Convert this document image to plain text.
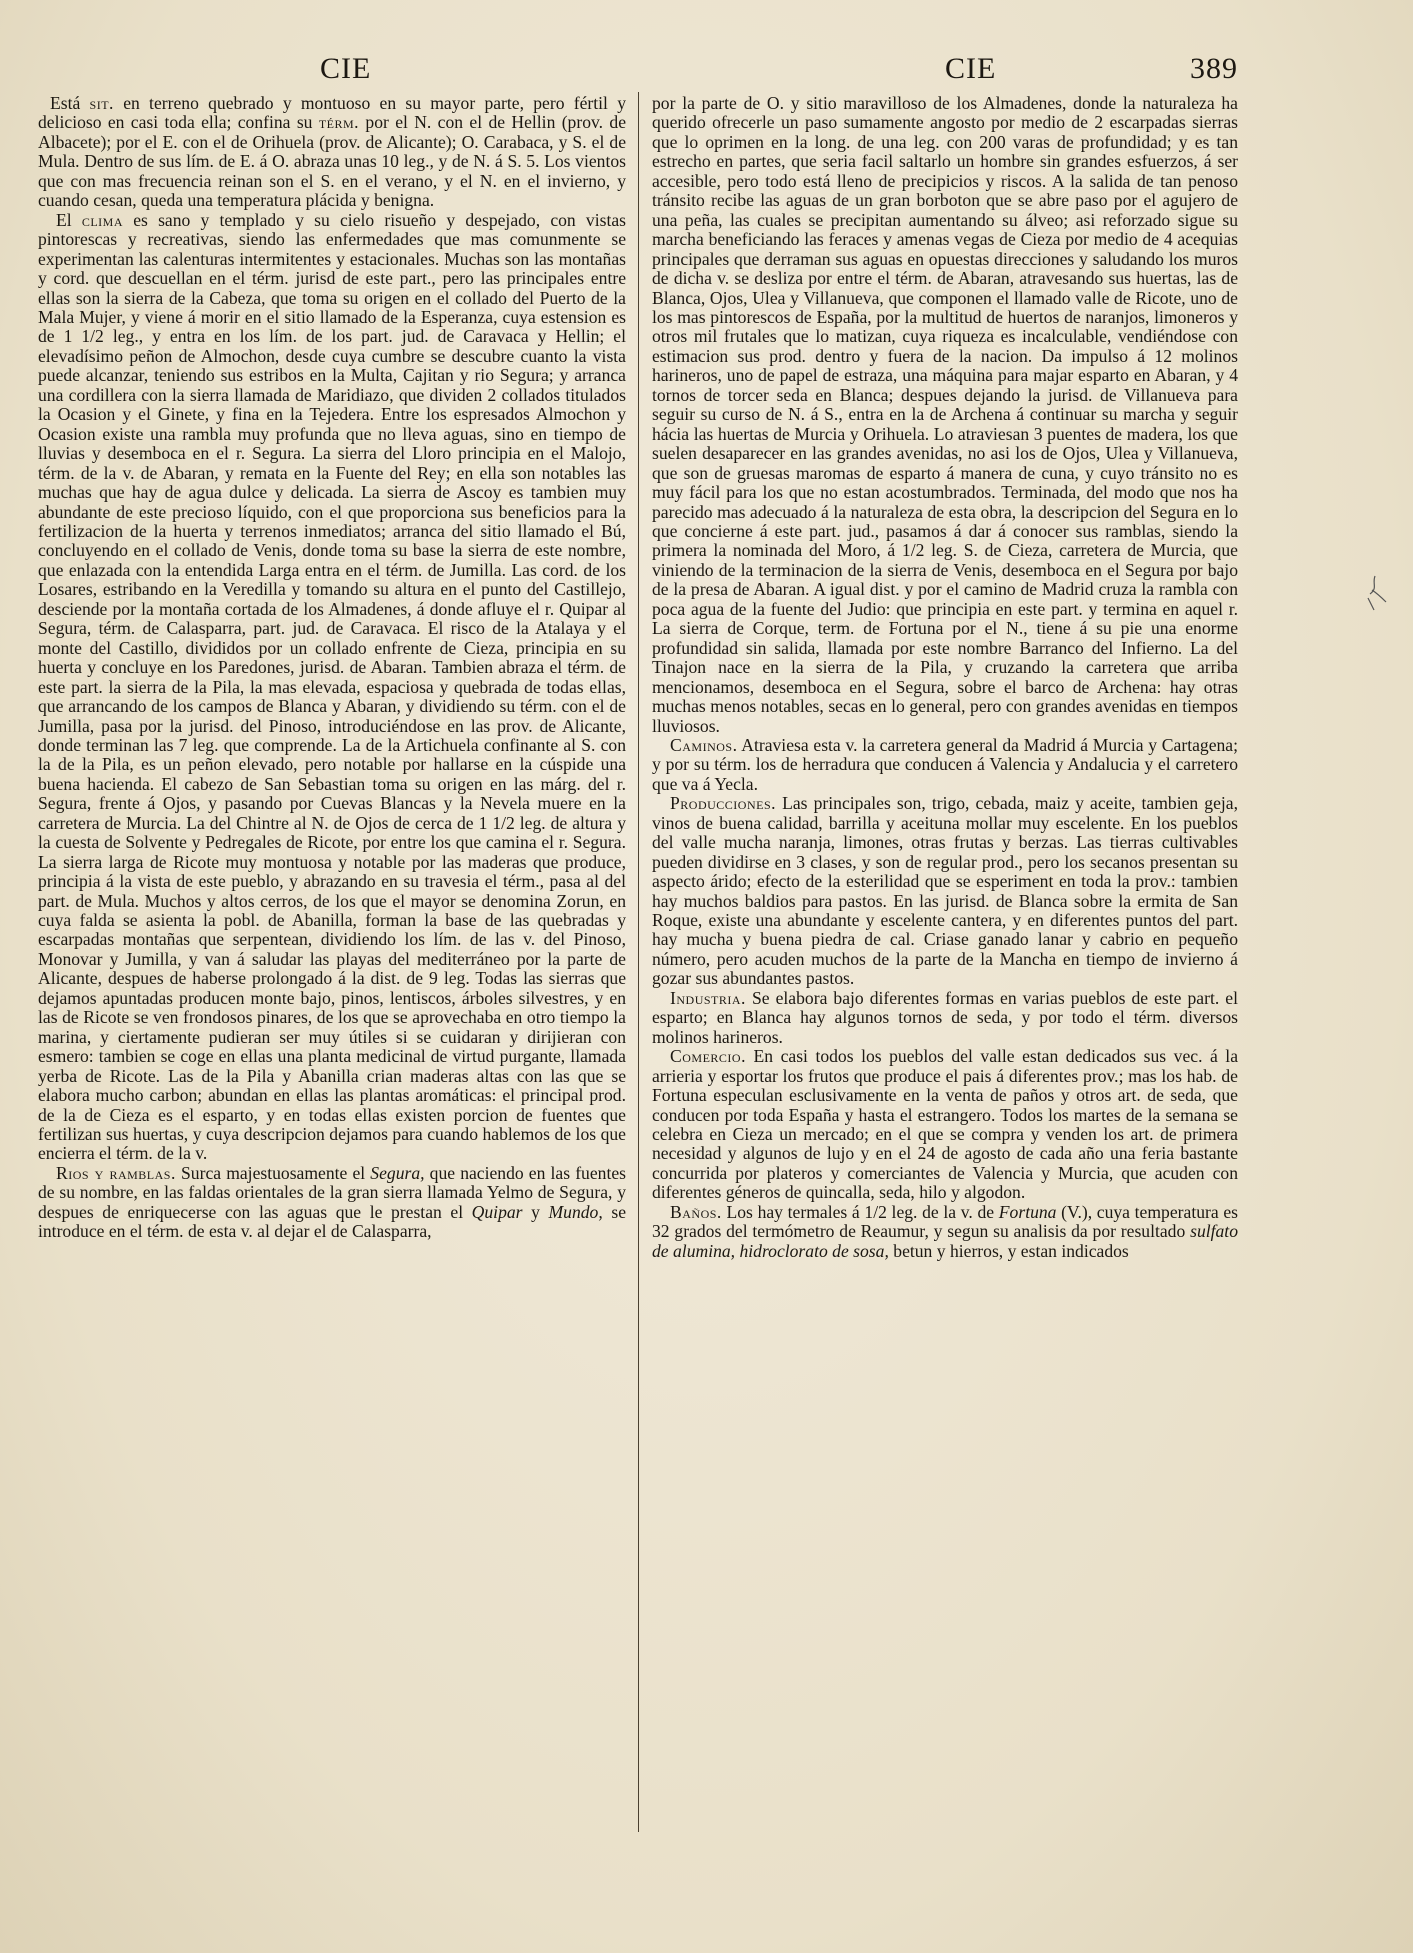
CIE	CIE	389

Está sit. en terreno quebrado y montuoso en su mayor parte, pero fértil y delicioso en casi toda ella; confina su térm. por el N. con el de Hellin (prov. de Albacete); por el E. con el de Orihuela (prov. de Alicante); O. Carabaca, y S. el de Mula. Dentro de sus lím. de E. á O. abraza unas 10 leg., y de N. á S. 5. Los vientos que con mas frecuencia reinan son el S. en el verano, y el N. en el invierno, y cuando cesan, queda una temperatura plácida y benigna.

El clima es sano y templado y su cielo risueño y despejado, con vistas pintorescas y recreativas, siendo las enfermedades que mas comunmente se experimentan las calenturas intermitentes y estacionales. Muchas son las montañas y cord. que descuellan en el térm. jurisd de este part., pero las principales entre ellas son la sierra de la Cabeza, que toma su origen en el collado del Puerto de la Mala Mujer, y viene á morir en el sitio llamado de la Esperanza, cuya estension es de 1 1/2 leg., y entra en los lím. de los part. jud. de Caravaca y Hellin; el elevadísimo peñon de Almochon, desde cuya cumbre se descubre cuanto la vista puede alcanzar, teniendo sus estribos en la Multa, Cajitan y rio Segura; y arranca una cordillera con la sierra llamada de Maridiazo, que dividen 2 collados titulados la Ocasion y el Ginete, y fina en la Tejedera. Entre los espresados Almochon y Ocasion existe una rambla muy profunda que no lleva aguas, sino en tiempo de lluvias y desemboca en el r. Segura. La sierra del Lloro principia en el Malojo, térm. de la v. de Abaran, y remata en la Fuente del Rey; en ella son notables las muchas que hay de agua dulce y delicada. La sierra de Ascoy es tambien muy abundante de este precioso líquido, con el que proporciona sus beneficios para la fertilizacion de la huerta y terrenos inmediatos; arranca del sitio llamado el Bú, concluyendo en el collado de Venis, donde toma su base la sierra de este nombre, que enlazada con la entendida Larga entra en el térm. de Jumilla. Las cord. de los Losares, estribando en la Veredilla y tomando su altura en el punto del Castillejo, desciende por la montaña cortada de los Almadenes, á donde afluye el r. Quipar al Segura, térm. de Calasparra, part. jud. de Caravaca. El risco de la Atalaya y el monte del Castillo, divididos por un collado enfrente de Cieza, principia en su huerta y concluye en los Paredones, jurisd. de Abaran. Tambien abraza el térm. de este part. la sierra de la Pila, la mas elevada, espaciosa y quebrada de todas ellas, que arrancando de los campos de Blanca y Abaran, y dividiendo su térm. con el de Jumilla, pasa por la jurisd. del Pinoso, introduciéndose en las prov. de Alicante, donde terminan las 7 leg. que comprende. La de la Artichuela confinante al S. con la de la Pila, es un peñon elevado, pero notable por hallarse en la cúspide una buena hacienda. El cabezo de San Sebastian toma su origen en las márg. del r. Segura, frente á Ojos, y pasando por Cuevas Blancas y la Nevela muere en la carretera de Murcia. La del Chintre al N. de Ojos de cerca de 1 1/2 leg. de altura y la cuesta de Solvente y Pedregales de Ricote, por entre los que camina el r. Segura. La sierra larga de Ricote muy montuosa y notable por las maderas que produce, principia á la vista de este pueblo, y abrazando en su travesia el térm., pasa al del part. de Mula. Muchos y altos cerros, de los que el mayor se denomina Zorun, en cuya falda se asienta la pobl. de Abanilla, forman la base de las quebradas y escarpadas montañas que serpentean, dividiendo los lím. de las v. del Pinoso, Monovar y Jumilla, y van á saludar las playas del mediterráneo por la parte de Alicante, despues de haberse prolongado á la dist. de 9 leg. Todas las sierras que dejamos apuntadas producen monte bajo, pinos, lentiscos, árboles silvestres, y en las de Ricote se ven frondosos pinares, de los que se aprovechaba en otro tiempo la marina, y ciertamente pudieran ser muy útiles si se cuidaran y dirijieran con esmero: tambien se coge en ellas una planta medicinal de virtud purgante, llamada yerba de Ricote. Las de la Pila y Abanilla crian maderas altas con las que se elabora mucho carbon; abundan en ellas las plantas aromáticas: el principal prod. de la de Cieza es el esparto, y en todas ellas existen porcion de fuentes que fertilizan sus huertas, y cuya descripcion dejamos para cuando hablemos de los que encierra el térm. de la v.

Rios y ramblas. Surca majestuosamente el Segura, que naciendo en las fuentes de su nombre, en las faldas orientales de la gran sierra llamada Yelmo de Segura, y despues de enriquecerse con las aguas que le prestan el Quipar y Mundo, se introduce en el térm. de esta v. al dejar el de Calasparra,

por la parte de O. y sitio maravilloso de los Almadenes, donde la naturaleza ha querido ofrecerle un paso sumamente angosto por medio de 2 escarpadas sierras que lo oprimen en la long. de una leg. con 200 varas de profundidad; y es tan estrecho en partes, que seria facil saltarlo un hombre sin grandes esfuerzos, á ser accesible, pero todo está lleno de precipicios y riscos. A la salida de tan penoso tránsito recibe las aguas de un gran borboton que se abre paso por el agujero de una peña, las cuales se precipitan aumentando su álveo; asi reforzado sigue su marcha beneficiando las feraces y amenas vegas de Cieza por medio de 4 acequias principales que derraman sus aguas en opuestas direcciones y saludando los muros de dicha v. se desliza por entre el térm. de Abaran, atravesando sus huertas, las de Blanca, Ojos, Ulea y Villanueva, que componen el llamado valle de Ricote, uno de los mas pintorescos de España, por la multitud de huertos de naranjos, limoneros y otros mil frutales que lo matizan, cuya riqueza es incalculable, vendiéndose con estimacion sus prod. dentro y fuera de la nacion. Da impulso á 12 molinos harineros, uno de papel de estraza, una máquina para majar esparto en Abaran, y 4 tornos de torcer seda en Blanca; despues dejando la jurisd. de Villanueva para seguir su curso de N. á S., entra en la de Archena á continuar su marcha y seguir hácia las huertas de Murcia y Orihuela. Lo atraviesan 3 puentes de madera, los que suelen desaparecer en las grandes avenidas, no asi los de Ojos, Ulea y Villanueva, que son de gruesas maromas de esparto á manera de cuna, y cuyo tránsito no es muy fácil para los que no estan acostumbrados. Terminada, del modo que nos ha parecido mas adecuado á la naturaleza de esta obra, la descripcion del Segura en lo que concierne á este part. jud., pasamos á dar á conocer sus ramblas, siendo la primera la nominada del Moro, á 1/2 leg. S. de Cieza, carretera de Murcia, que viniendo de la terminacion de la sierra de Venis, desemboca en el Segura por bajo de la presa de Abaran. A igual dist. y por el camino de Madrid cruza la rambla con poca agua de la fuente del Judio: que principia en este part. y termina en aquel r. La sierra de Corque, term. de Fortuna por el N., tiene á su pie una enorme profundidad sin salida, llamada por este nombre Barranco del Infierno. La del Tinajon nace en la sierra de la Pila, y cruzando la carretera que arriba mencionamos, desemboca en el Segura, sobre el barco de Archena: hay otras muchas menos notables, secas en lo general, pero con grandes avenidas en tiempos lluviosos.

Caminos. Atraviesa esta v. la carretera general da Madrid á Murcia y Cartagena; y por su térm. los de herradura que conducen á Valencia y Andalucia y el carretero que va á Yecla.

Producciones. Las principales son, trigo, cebada, maiz y aceite, tambien geja, vinos de buena calidad, barrilla y aceituna mollar muy escelente. En los pueblos del valle mucha naranja, limones, otras frutas y berzas. Las tierras cultivables pueden dividirse en 3 clases, y son de regular prod., pero los secanos presentan su aspecto árido; efecto de la esterilidad que se esperiment en toda la prov.: tambien hay muchos baldios para pastos. En las jurisd. de Blanca sobre la ermita de San Roque, existe una abundante y escelente cantera, y en diferentes puntos del part. hay mucha y buena piedra de cal. Criase ganado lanar y cabrio en pequeño número, pero acuden muchos de la parte de la Mancha en tiempo de invierno á gozar sus abundantes pastos.

Industria. Se elabora bajo diferentes formas en varias pueblos de este part. el esparto; en Blanca hay algunos tornos de seda, y por todo el térm. diversos molinos harineros.

Comercio. En casi todos los pueblos del valle estan dedicados sus vec. á la arrieria y esportar los frutos que produce el pais á diferentes prov.; mas los hab. de Fortuna especulan esclusivamente en la venta de paños y otros art. de seda, que conducen por toda España y hasta el estrangero. Todos los martes de la semana se celebra en Cieza un mercado; en el que se compra y venden los art. de primera necesidad y algunos de lujo y en el 24 de agosto de cada año una feria bastante concurrida por plateros y comerciantes de Valencia y Murcia, que acuden con diferentes géneros de quincalla, seda, hilo y algodon.

Baños. Los hay termales á 1/2 leg. de la v. de Fortuna (V.), cuya temperatura es 32 grados del termómetro de Reaumur, y segun su analisis da por resultado sulfato de alumina, hidroclorato de sosa, betun y hierros, y estan indicados
